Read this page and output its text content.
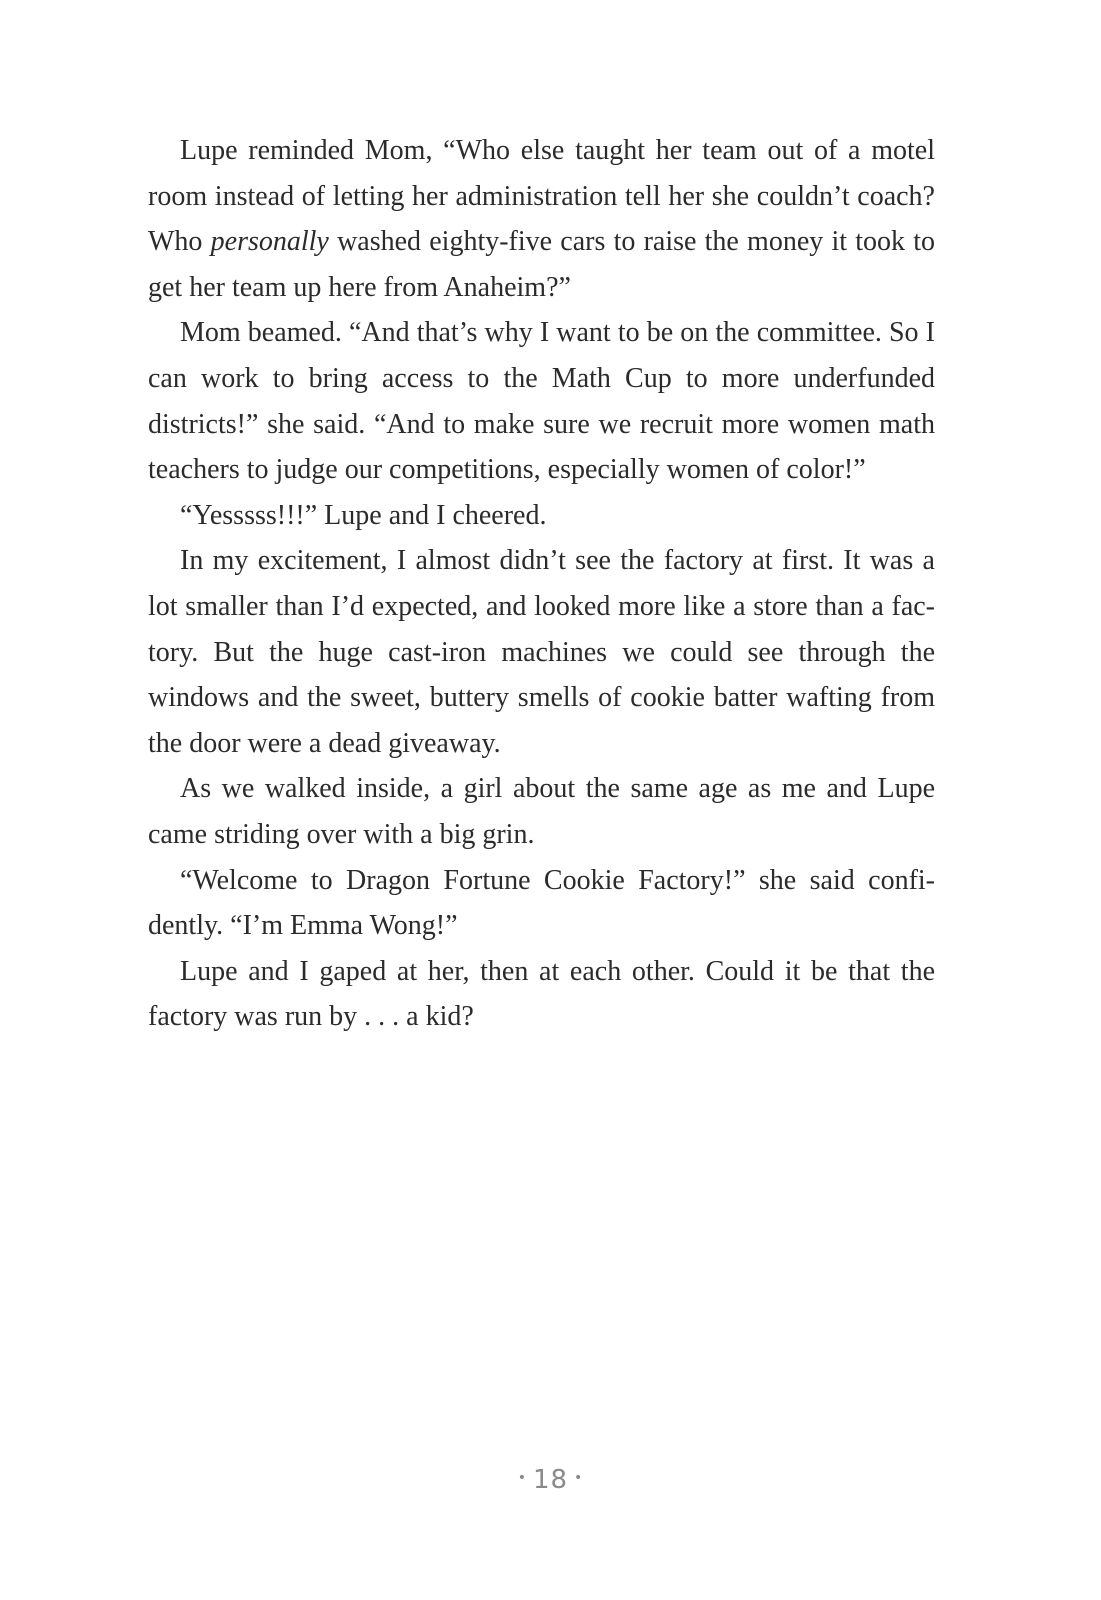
Lupe reminded Mom, “Who else taught her team out of a motel room instead of letting her administration tell her she couldn’t coach? Who personally washed eighty-five cars to raise the money it took to get her team up here from Anaheim?”

Mom beamed. “And that’s why I want to be on the committee. So I can work to bring access to the Math Cup to more underfunded districts!” she said. “And to make sure we recruit more women math teachers to judge our competitions, especially women of color!”

“Yesssss!!!” Lupe and I cheered.

In my excitement, I almost didn’t see the factory at first. It was a lot smaller than I’d expected, and looked more like a store than a factory. But the huge cast-iron machines we could see through the windows and the sweet, buttery smells of cookie batter wafting from the door were a dead giveaway.

As we walked inside, a girl about the same age as me and Lupe came striding over with a big grin.

“Welcome to Dragon Fortune Cookie Factory!” she said confidently. “I’m Emma Wong!”

Lupe and I gaped at her, then at each other. Could it be that the factory was run by . . . a kid?

• 18 •
